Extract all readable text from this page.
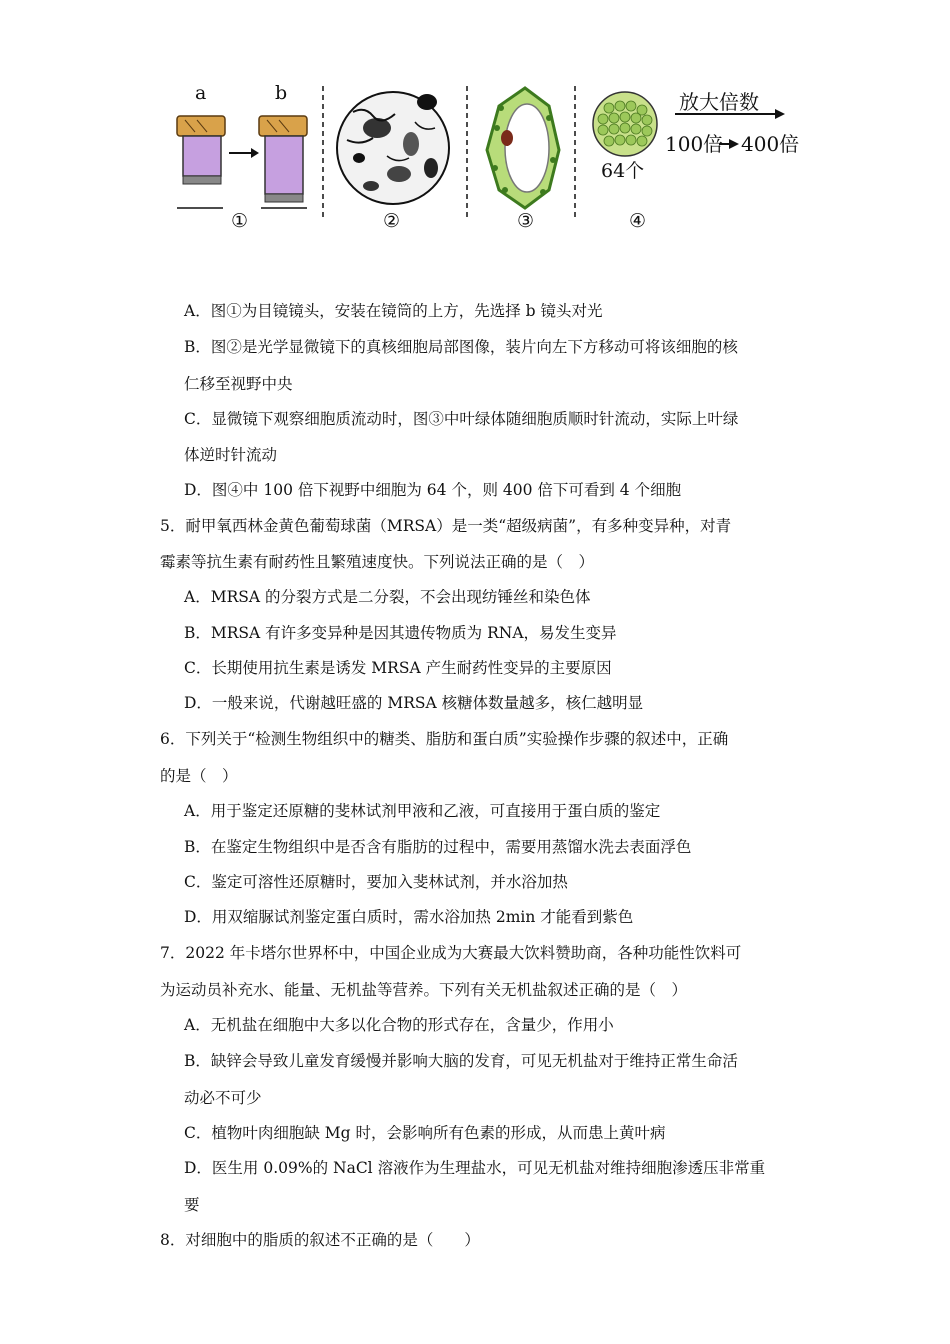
a	b
①	②	③	④
64个
放大倍数
100倍 400倍
A．图①为目镜镜头，安装在镜筒的上方，先选择 b 镜头对光
B．图②是光学显微镜下的真核细胞局部图像，装片向左下方移动可将该细胞的核
仁移至视野中央
C．显微镜下观察细胞质流动时，图③中叶绿体随细胞质顺时针流动，实际上叶绿
体逆时针流动
D．图④中 100 倍下视野中细胞为 64 个，则 400 倍下可看到 4 个细胞
5．耐甲氧西林金黄色葡萄球菌（MRSA）是一类“超级病菌”，有多种变异种，对青
霉素等抗生素有耐药性且繁殖速度快。下列说法正确的是（　）
A．MRSA 的分裂方式是二分裂，不会出现纺锤丝和染色体
B．MRSA 有许多变异种是因其遗传物质为 RNA，易发生变异
C．长期使用抗生素是诱发 MRSA 产生耐药性变异的主要原因
D．一般来说，代谢越旺盛的 MRSA 核糖体数量越多，核仁越明显
6．下列关于“检测生物组织中的糖类、脂肪和蛋白质”实验操作步骤的叙述中，正确
的是（　）
A．用于鉴定还原糖的斐林试剂甲液和乙液，可直接用于蛋白质的鉴定
B．在鉴定生物组织中是否含有脂肪的过程中，需要用蒸馏水洗去表面浮色
C．鉴定可溶性还原糖时，要加入斐林试剂，并水浴加热
D．用双缩脲试剂鉴定蛋白质时，需水浴加热 2min 才能看到紫色
7．2022 年卡塔尔世界杯中，中国企业成为大赛最大饮料赞助商，各种功能性饮料可
为运动员补充水、能量、无机盐等营养。下列有关无机盐叙述正确的是（　）
A．无机盐在细胞中大多以化合物的形式存在，含量少，作用小
B．缺锌会导致儿童发育缓慢并影响大脑的发育，可见无机盐对于维持正常生命活
动必不可少
C．植物叶肉细胞缺 Mg 时，会影响所有色素的形成，从而患上黄叶病
D．医生用 0.09%的 NaCl 溶液作为生理盐水，可见无机盐对维持细胞渗透压非常重
要
8．对细胞中的脂质的叙述不正确的是（　　）
